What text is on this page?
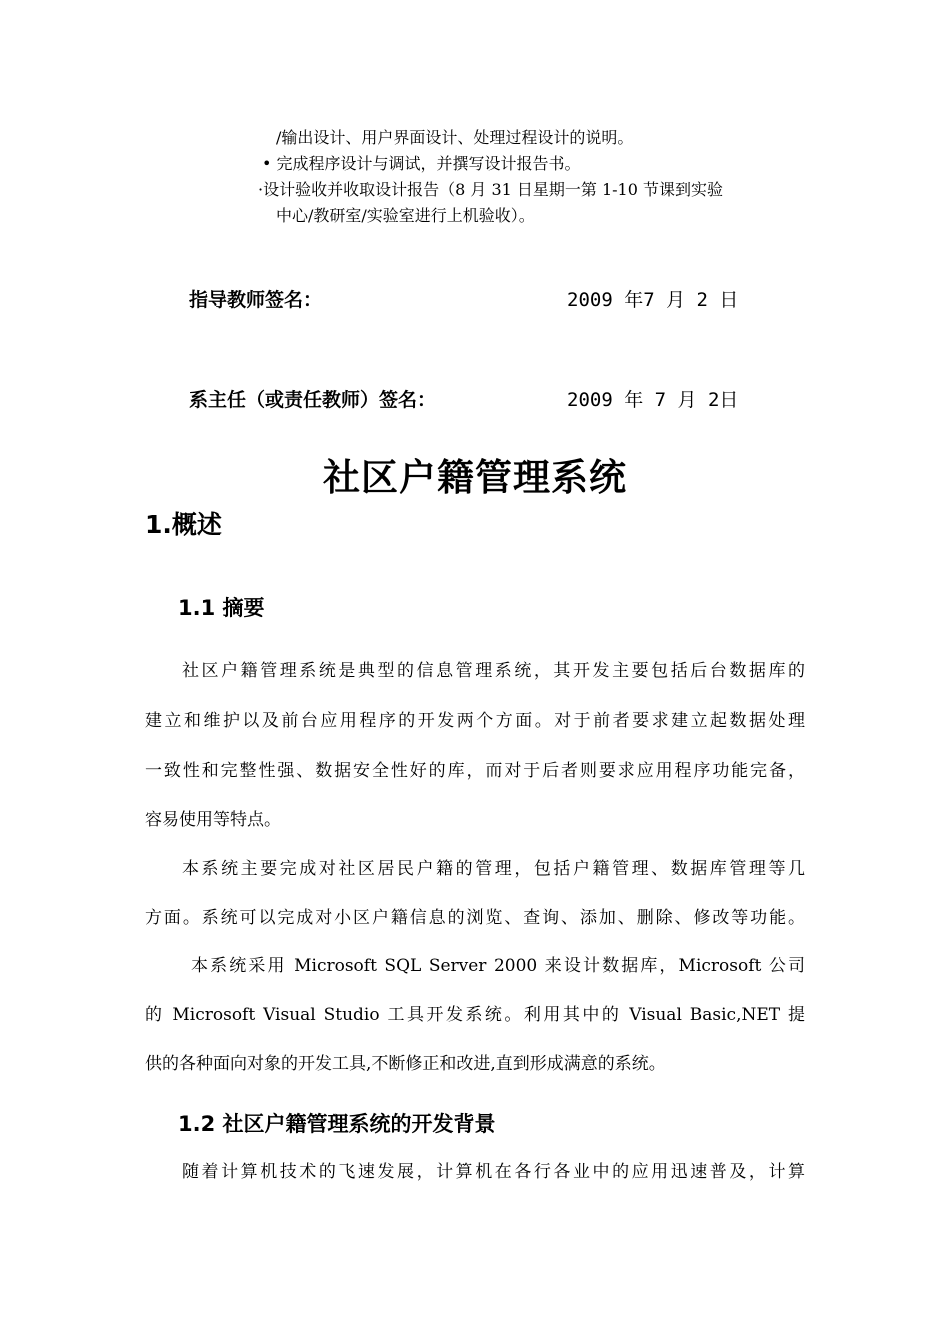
/输出设计、用户界面设计、处理过程设计的说明。
• 完成程序设计与调试，并撰写设计报告书。
·设计验收并收取设计报告（8 月 31 日星期一第 1-10 节课到实验
中心/教研室/实验室进行上机验收）。
指导教师签名：	2009 年7 月 2 日
系主任（或责任教师）签名：	2009 年 7 月 2日
社区户籍管理系统
1.概述
1.1 摘要
社区户籍管理系统是典型的信息管理系统，其开发主要包括后台数据库的
建立和维护以及前台应用程序的开发两个方面。对于前者要求建立起数据处理
一致性和完整性强、数据安全性好的库，而对于后者则要求应用程序功能完备，
容易使用等特点。
本系统主要完成对社区居民户籍的管理，包括户籍管理、数据库管理等几
方面。系统可以完成对小区户籍信息的浏览、查询、添加、删除、修改等功能。
本系统采用 Microsoft SQL Server 2000 来设计数据库，Microsoft 公司
的 Microsoft Visual Studio 工具开发系统。利用其中的 Visual Basic,NET 提
供的各种面向对象的开发工具,不断修正和改进,直到形成满意的系统。
1.2 社区户籍管理系统的开发背景
随着计算机技术的飞速发展，计算机在各行各业中的应用迅速普及，计算
